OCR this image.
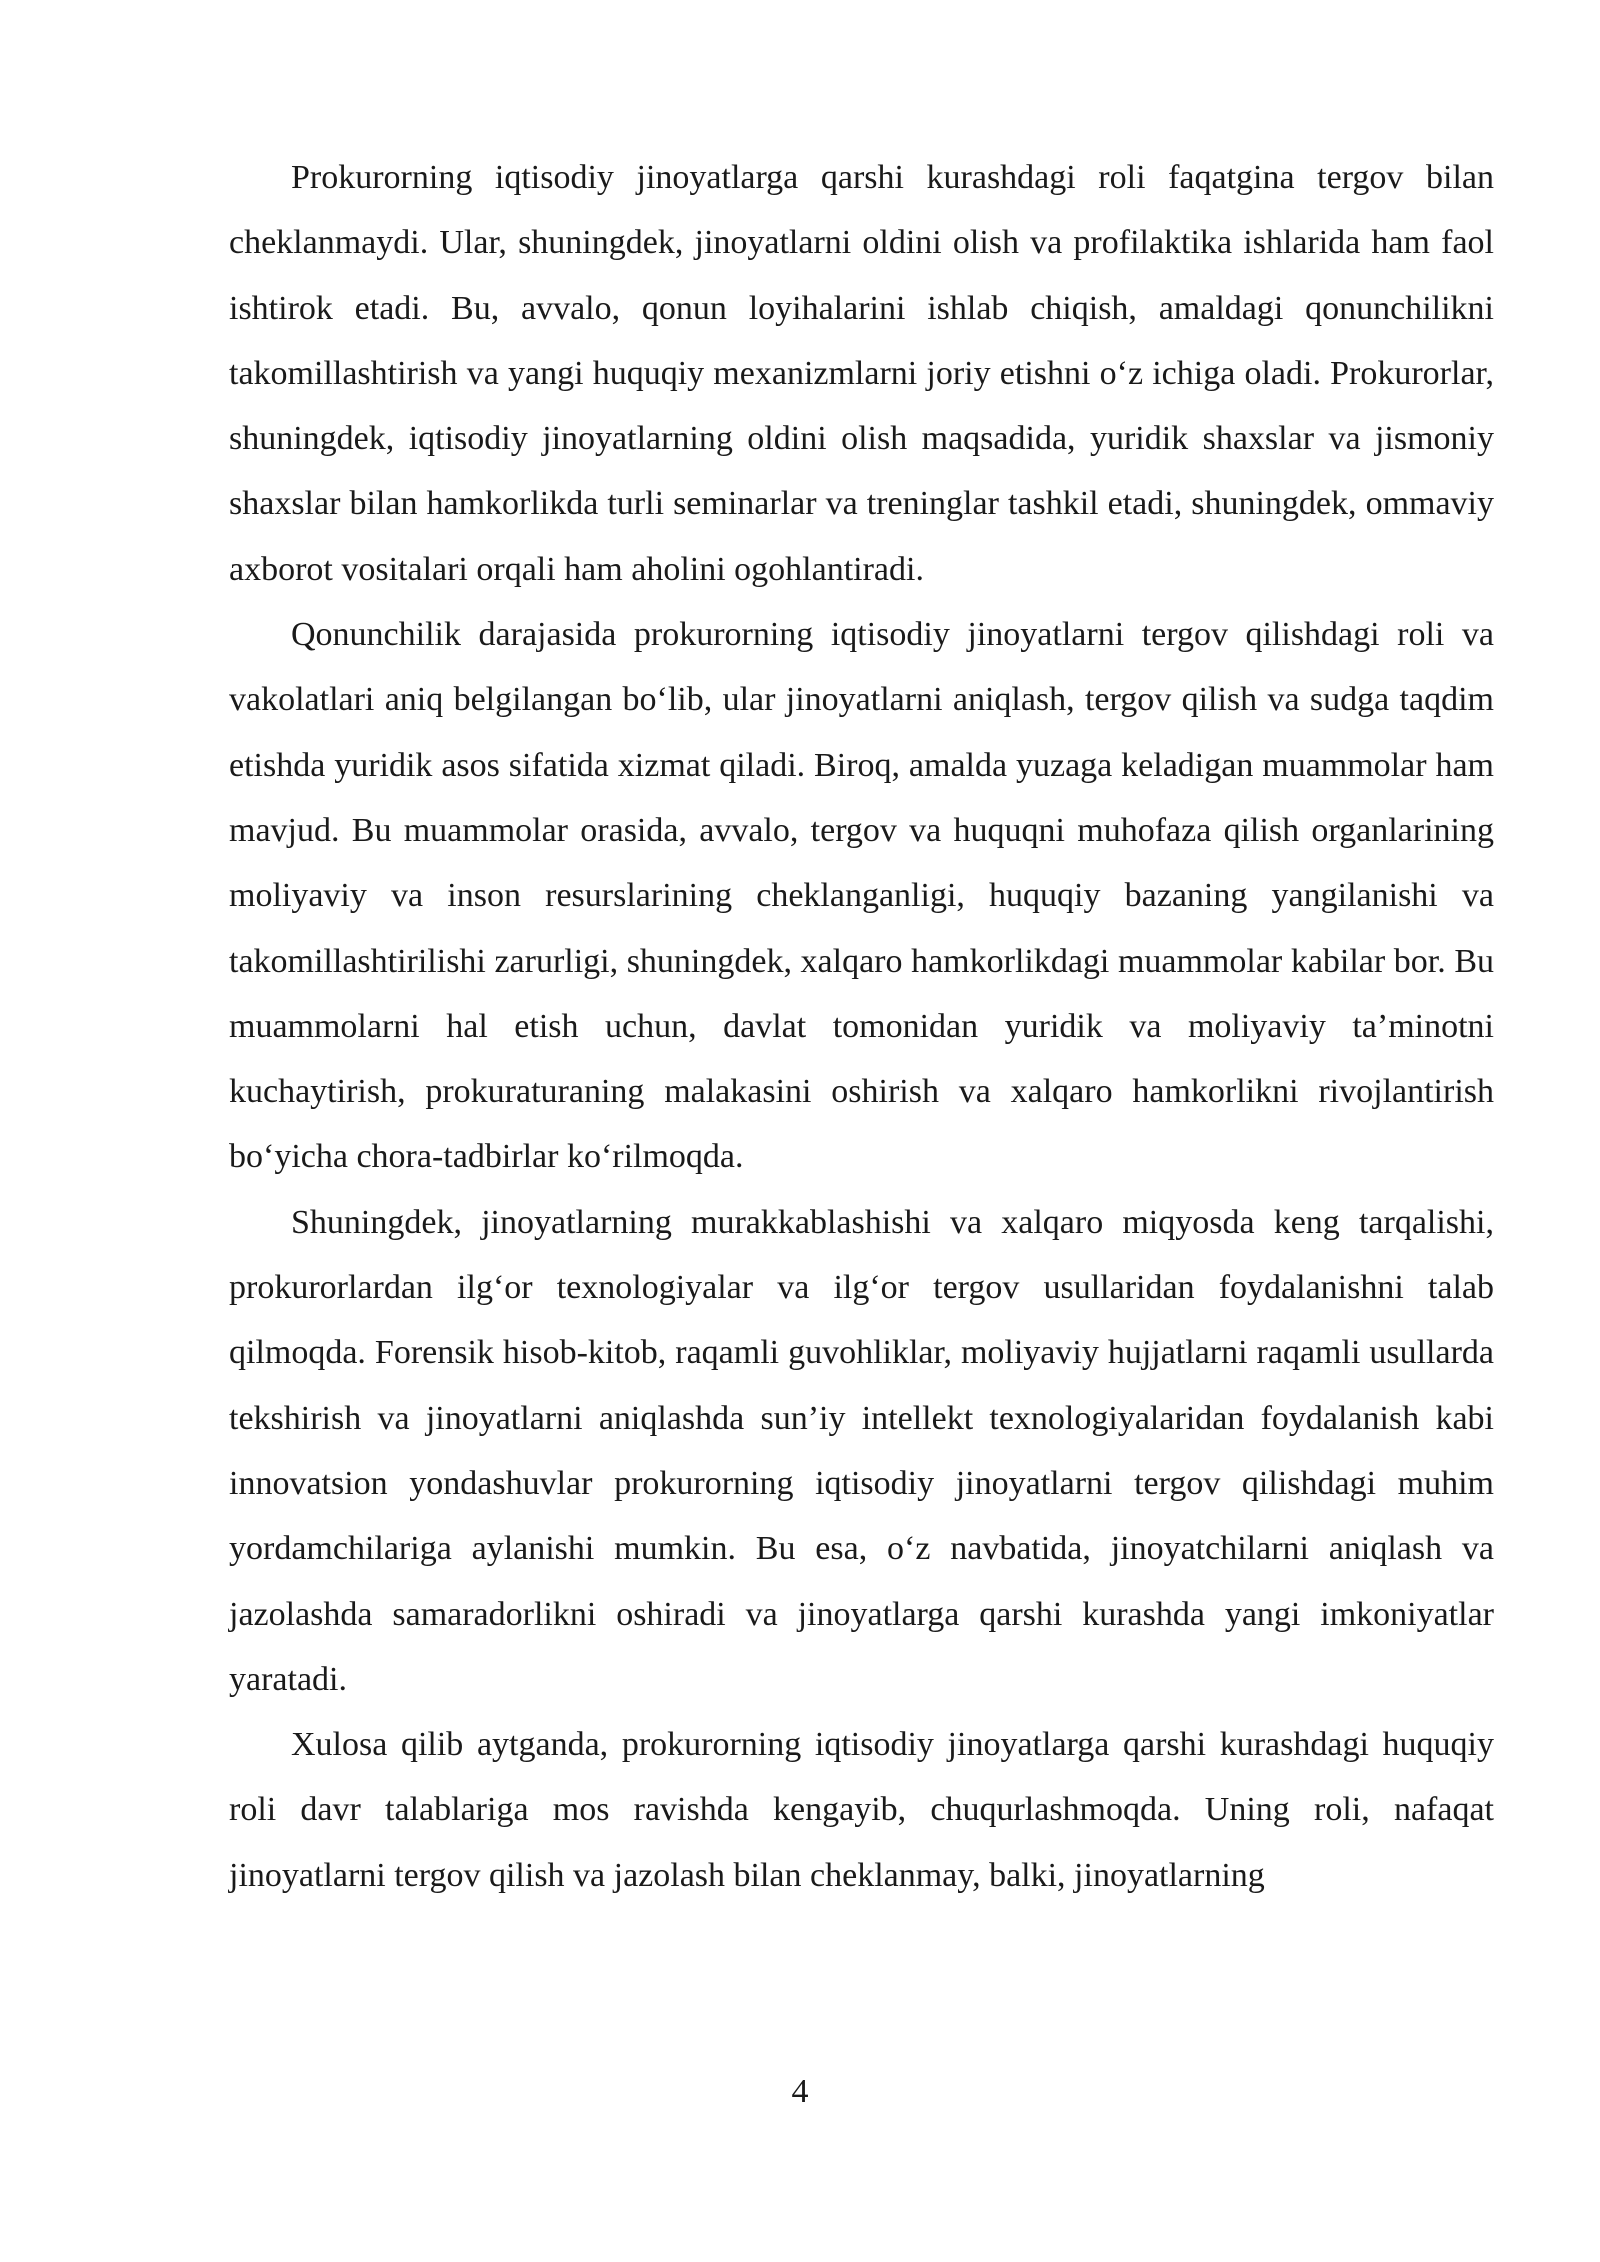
Prokurorning iqtisodiy jinoyatlarga qarshi kurashdagi roli faqatgina tergov bilan cheklanmaydi. Ular, shuningdek, jinoyatlarni oldini olish va profilaktika ishlarida ham faol ishtirok etadi. Bu, avvalo, qonun loyihalarini ishlab chiqish, amaldagi qonunchilikni takomillashtirish va yangi huquqiy mexanizmlarni joriy etishni o‘z ichiga oladi. Prokurorlar, shuningdek, iqtisodiy jinoyatlarning oldini olish maqsadida, yuridik shaxslar va jismoniy shaxslar bilan hamkorlikda turli seminarlar va treninglar tashkil etadi, shuningdek, ommaviy axborot vositalari orqali ham aholini ogohlantiradi.

Qonunchilik darajasida prokurorning iqtisodiy jinoyatlarni tergov qilishdagi roli va vakolatlari aniq belgilangan bo‘lib, ular jinoyatlarni aniqlash, tergov qilish va sudga taqdim etishda yuridik asos sifatida xizmat qiladi. Biroq, amalda yuzaga keladigan muammolar ham mavjud. Bu muammolar orasida, avvalo, tergov va huquqni muhofaza qilish organlarining moliyaviy va inson resurslarining cheklanganligi, huquqiy bazaning yangilanishi va takomillashtirilishi zarurligi, shuningdek, xalqaro hamkorlikdagi muammolar kabilar bor. Bu muammolarni hal etish uchun, davlat tomonidan yuridik va moliyaviy ta’minotni kuchaytirish, prokuraturaning malakasini oshirish va xalqaro hamkorlikni rivojlantirish bo‘yicha chora-tadbirlar ko‘rilmoqda.

Shuningdek, jinoyatlarning murakkablashishi va xalqaro miqyosda keng tarqalishi, prokurorlardan ilg‘or texnologiyalar va ilg‘or tergov usullaridan foydalanishni talab qilmoqda. Forensik hisob-kitob, raqamli guvohliklar, moliyaviy hujjatlarni raqamli usullarda tekshirish va jinoyatlarni aniqlashda sun’iy intellekt texnologiyalaridan foydalanish kabi innovatsion yondashuvlar prokurorning iqtisodiy jinoyatlarni tergov qilishdagi muhim yordamchilariga aylanishi mumkin. Bu esa, o‘z navbatida, jinoyatchilarni aniqlash va jazolashda samaradorlikni oshiradi va jinoyatlarga qarshi kurashda yangi imkoniyatlar yaratadi.

Xulosa qilib aytganda, prokurorning iqtisodiy jinoyatlarga qarshi kurashdagi huquqiy roli davr talablariga mos ravishda kengayib, chuqurlashmoqda. Uning roli, nafaqat jinoyatlarni tergov qilish va jazolash bilan cheklanmay, balki, jinoyatlarning

4
